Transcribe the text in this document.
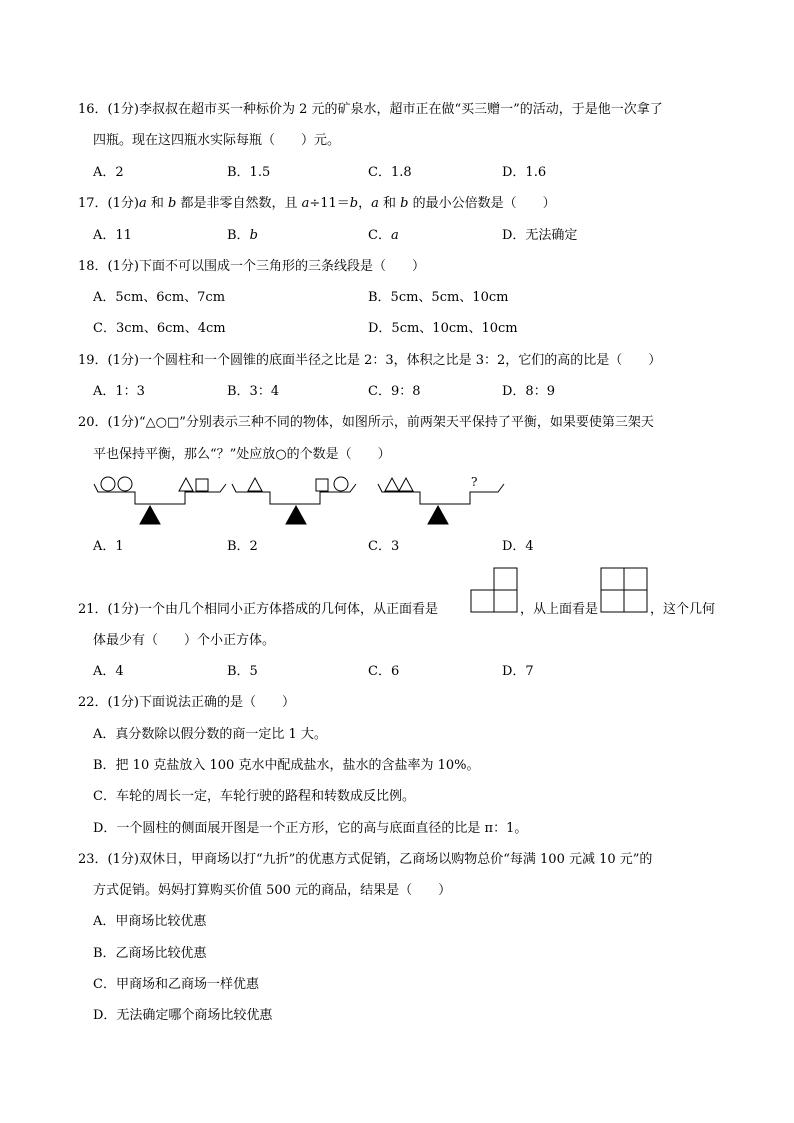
16．(1分)李叔叔在超市买一种标价为 2 元的矿泉水，超市正在做“买三赠一”的活动，于是他一次拿了
四瓶。现在这四瓶水实际每瓶（　　）元。
A．2	B．1.5	C．1.8	D．1.6
17．(1分)a 和 b 都是非零自然数，且 a÷11＝b，a 和 b 的最小公倍数是（　　）
A．11	B．b	C．a	D．无法确定
18．(1分)下面不可以围成一个三角形的三条线段是（　　）
A．5cm、6cm、7cm	B．5cm、5cm、10cm
C．3cm、6cm、4cm	D．5cm、10cm、10cm
19．(1分)一个圆柱和一个圆锥的底面半径之比是 2：3，体积之比是 3：2，它们的高的比是（　　）
A．1：3	B．3：4	C．9：8	D．8：9
20．(1分)“△○□”分别表示三种不同的物体，如图所示，前两架天平保持了平衡，如果要使第三架天
平也保持平衡，那么“？”处应放○的个数是（　　）
?
A．1	B．2	C．3	D．4
21．(1分)一个由几个相同小正方体搭成的几何体，从正面看是	，从上面看是	，这个几何
体最少有（　　）个小正方体。
A．4	B．5	C．6	D．7
22．(1分)下面说法正确的是（　　）
A．真分数除以假分数的商一定比 1 大。
B．把 10 克盐放入 100 克水中配成盐水，盐水的含盐率为 10%。
C．车轮的周长一定，车轮行驶的路程和转数成反比例。
D．一个圆柱的侧面展开图是一个正方形，它的高与底面直径的比是 π：1。
23．(1分)双休日，甲商场以打“九折”的优惠方式促销，乙商场以购物总价“每满 100 元减 10 元”的
方式促销。妈妈打算购买价值 500 元的商品，结果是（　　）
A．甲商场比较优惠
B．乙商场比较优惠
C．甲商场和乙商场一样优惠
D．无法确定哪个商场比较优惠
